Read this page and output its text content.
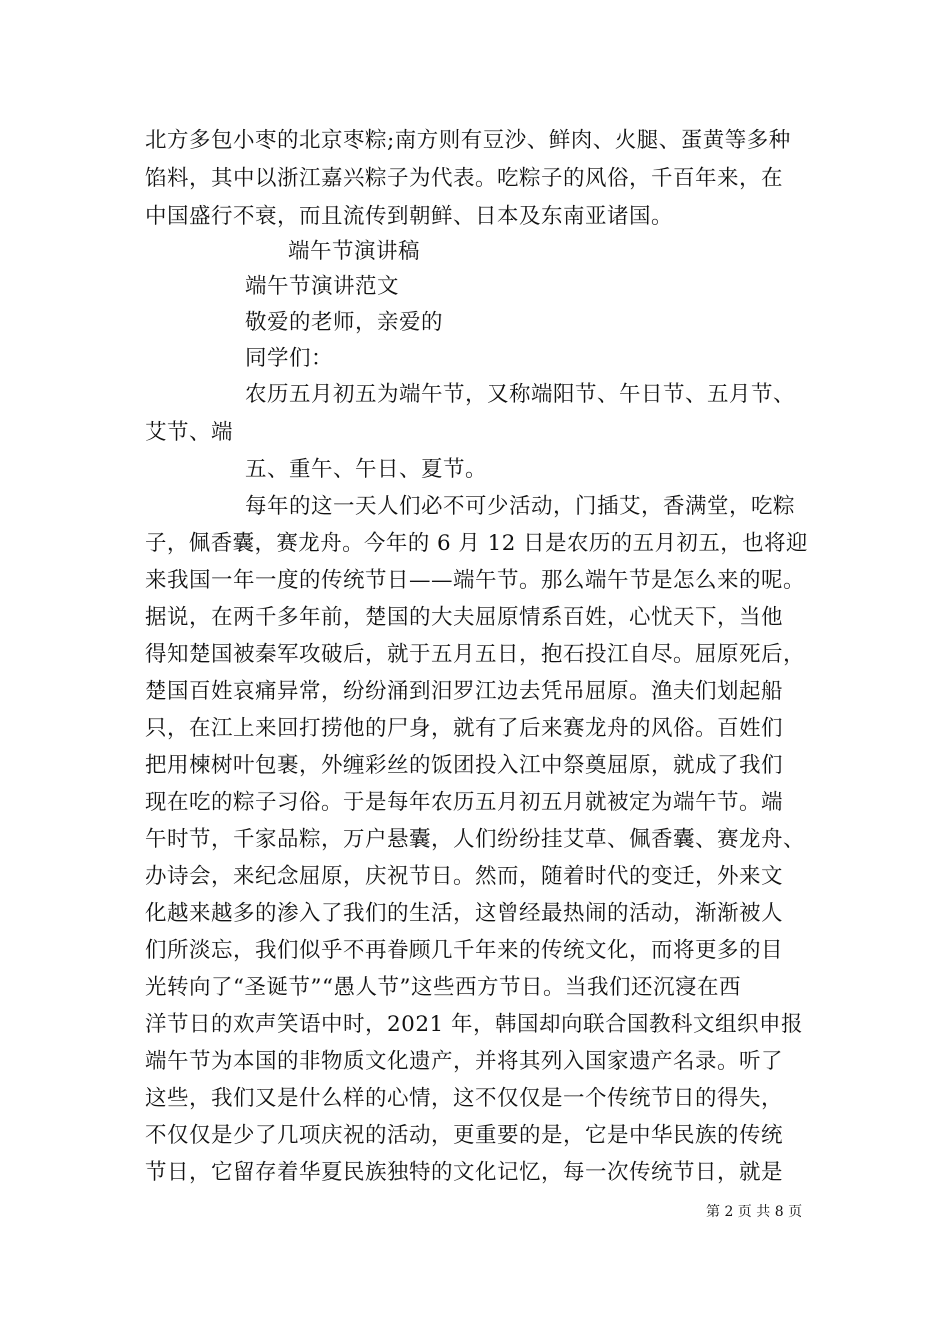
北方多包小枣的北京枣粽;南方则有豆沙、鲜肉、火腿、蛋黄等多种
馅料，其中以浙江嘉兴粽子为代表。吃粽子的风俗，千百年来，在
中国盛行不衰，而且流传到朝鲜、日本及东南亚诸国。
端午节演讲稿
端午节演讲范文
敬爱的老师，亲爱的
同学们：
农历五月初五为端午节，又称端阳节、午日节、五月节、
艾节、端
五、重午、午日、夏节。
每年的这一天人们必不可少活动，门插艾，香满堂，吃粽
子，佩香囊，赛龙舟。今年的 6 月 12 日是农历的五月初五，也将迎
来我国一年一度的传统节日——端午节。那么端午节是怎么来的呢。
据说，在两千多年前，楚国的大夫屈原情系百姓，心忧天下，当他
得知楚国被秦军攻破后，就于五月五日，抱石投江自尽。屈原死后，
楚国百姓哀痛异常，纷纷涌到汨罗江边去凭吊屈原。渔夫们划起船
只，在江上来回打捞他的尸身，就有了后来赛龙舟的风俗。百姓们
把用楝树叶包裹，外缠彩丝的饭团投入江中祭奠屈原，就成了我们
现在吃的粽子习俗。于是每年农历五月初五月就被定为端午节。端
午时节，千家品粽，万户悬囊，人们纷纷挂艾草、佩香囊、赛龙舟、
办诗会，来纪念屈原，庆祝节日。然而，随着时代的变迁，外来文
化越来越多的渗入了我们的生活，这曾经最热闹的活动，渐渐被人
们所淡忘，我们似乎不再眷顾几千年来的传统文化，而将更多的目
光转向了“圣诞节”“愚人节”这些西方节日。当我们还沉寖在西
洋节日的欢声笑语中时，2021 年，韩国却向联合国教科文组织申报
端午节为本国的非物质文化遗产，并将其列入国家遗产名录。听了
这些，我们又是什么样的心情，这不仅仅是一个传统节日的得失，
不仅仅是少了几项庆祝的活动，更重要的是，它是中华民族的传统
节日，它留存着华夏民族独特的文化记忆，每一次传统节日，就是
第 2 页 共 8 页
